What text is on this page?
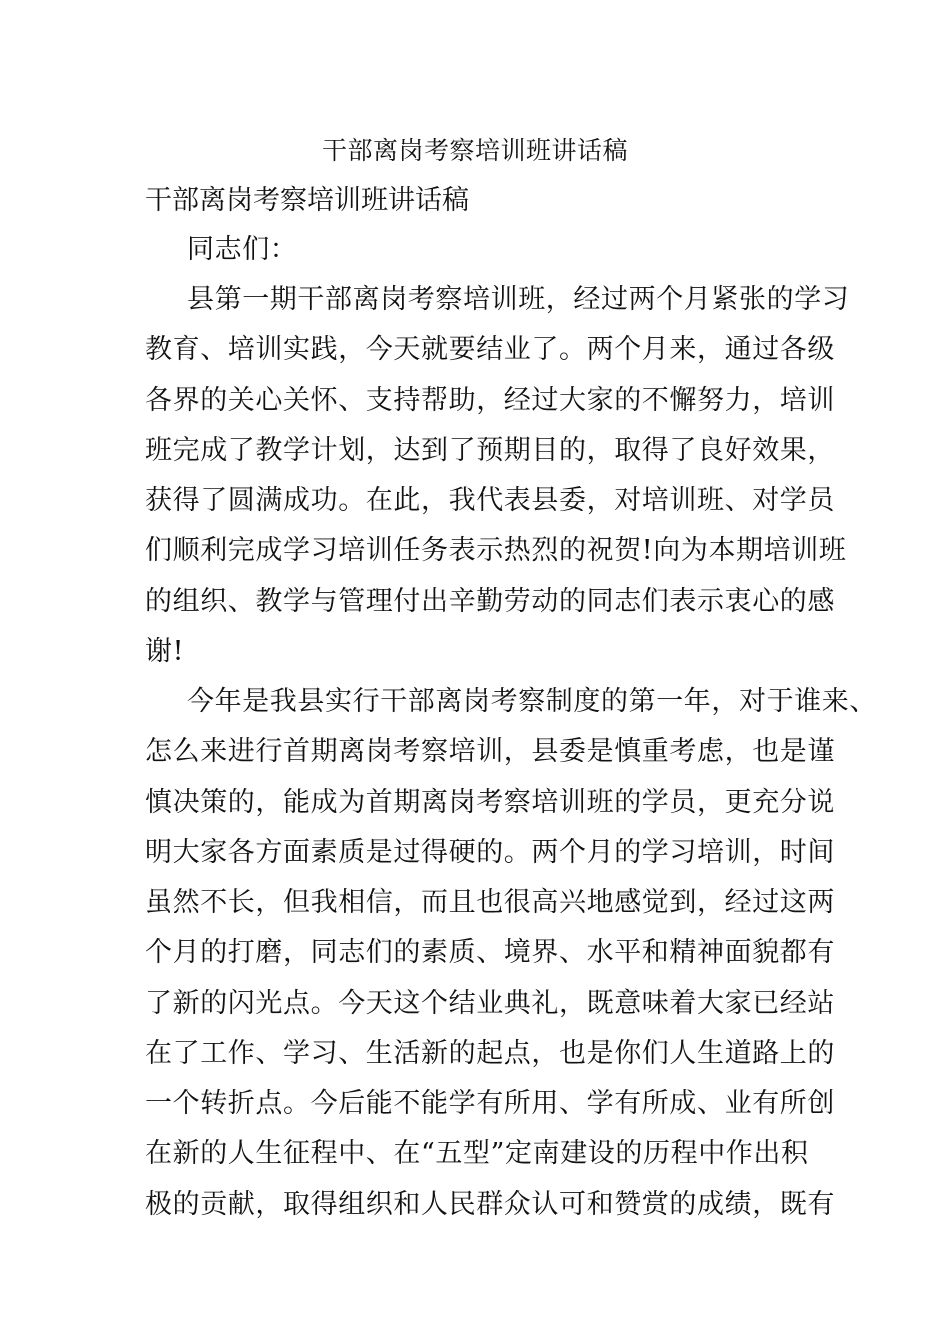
干部离岗考察培训班讲话稿
干部离岗考察培训班讲话稿
同志们：
县第一期干部离岗考察培训班，经过两个月紧张的学习
教育、培训实践，今天就要结业了。两个月来，通过各级
各界的关心关怀、支持帮助，经过大家的不懈努力，培训
班完成了教学计划，达到了预期目的，取得了良好效果，
获得了圆满成功。在此，我代表县委，对培训班、对学员
们顺利完成学习培训任务表示热烈的祝贺!向为本期培训班
的组织、教学与管理付出辛勤劳动的同志们表示衷心的感
谢!
今年是我县实行干部离岗考察制度的第一年，对于谁来、
怎么来进行首期离岗考察培训，县委是慎重考虑，也是谨
慎决策的，能成为首期离岗考察培训班的学员，更充分说
明大家各方面素质是过得硬的。两个月的学习培训，时间
虽然不长，但我相信，而且也很高兴地感觉到，经过这两
个月的打磨，同志们的素质、境界、水平和精神面貌都有
了新的闪光点。今天这个结业典礼，既意味着大家已经站
在了工作、学习、生活新的起点，也是你们人生道路上的
一个转折点。今后能不能学有所用、学有所成、业有所创
在新的人生征程中、在“五型”定南建设的历程中作出积
极的贡献，取得组织和人民群众认可和赞赏的成绩，既有
